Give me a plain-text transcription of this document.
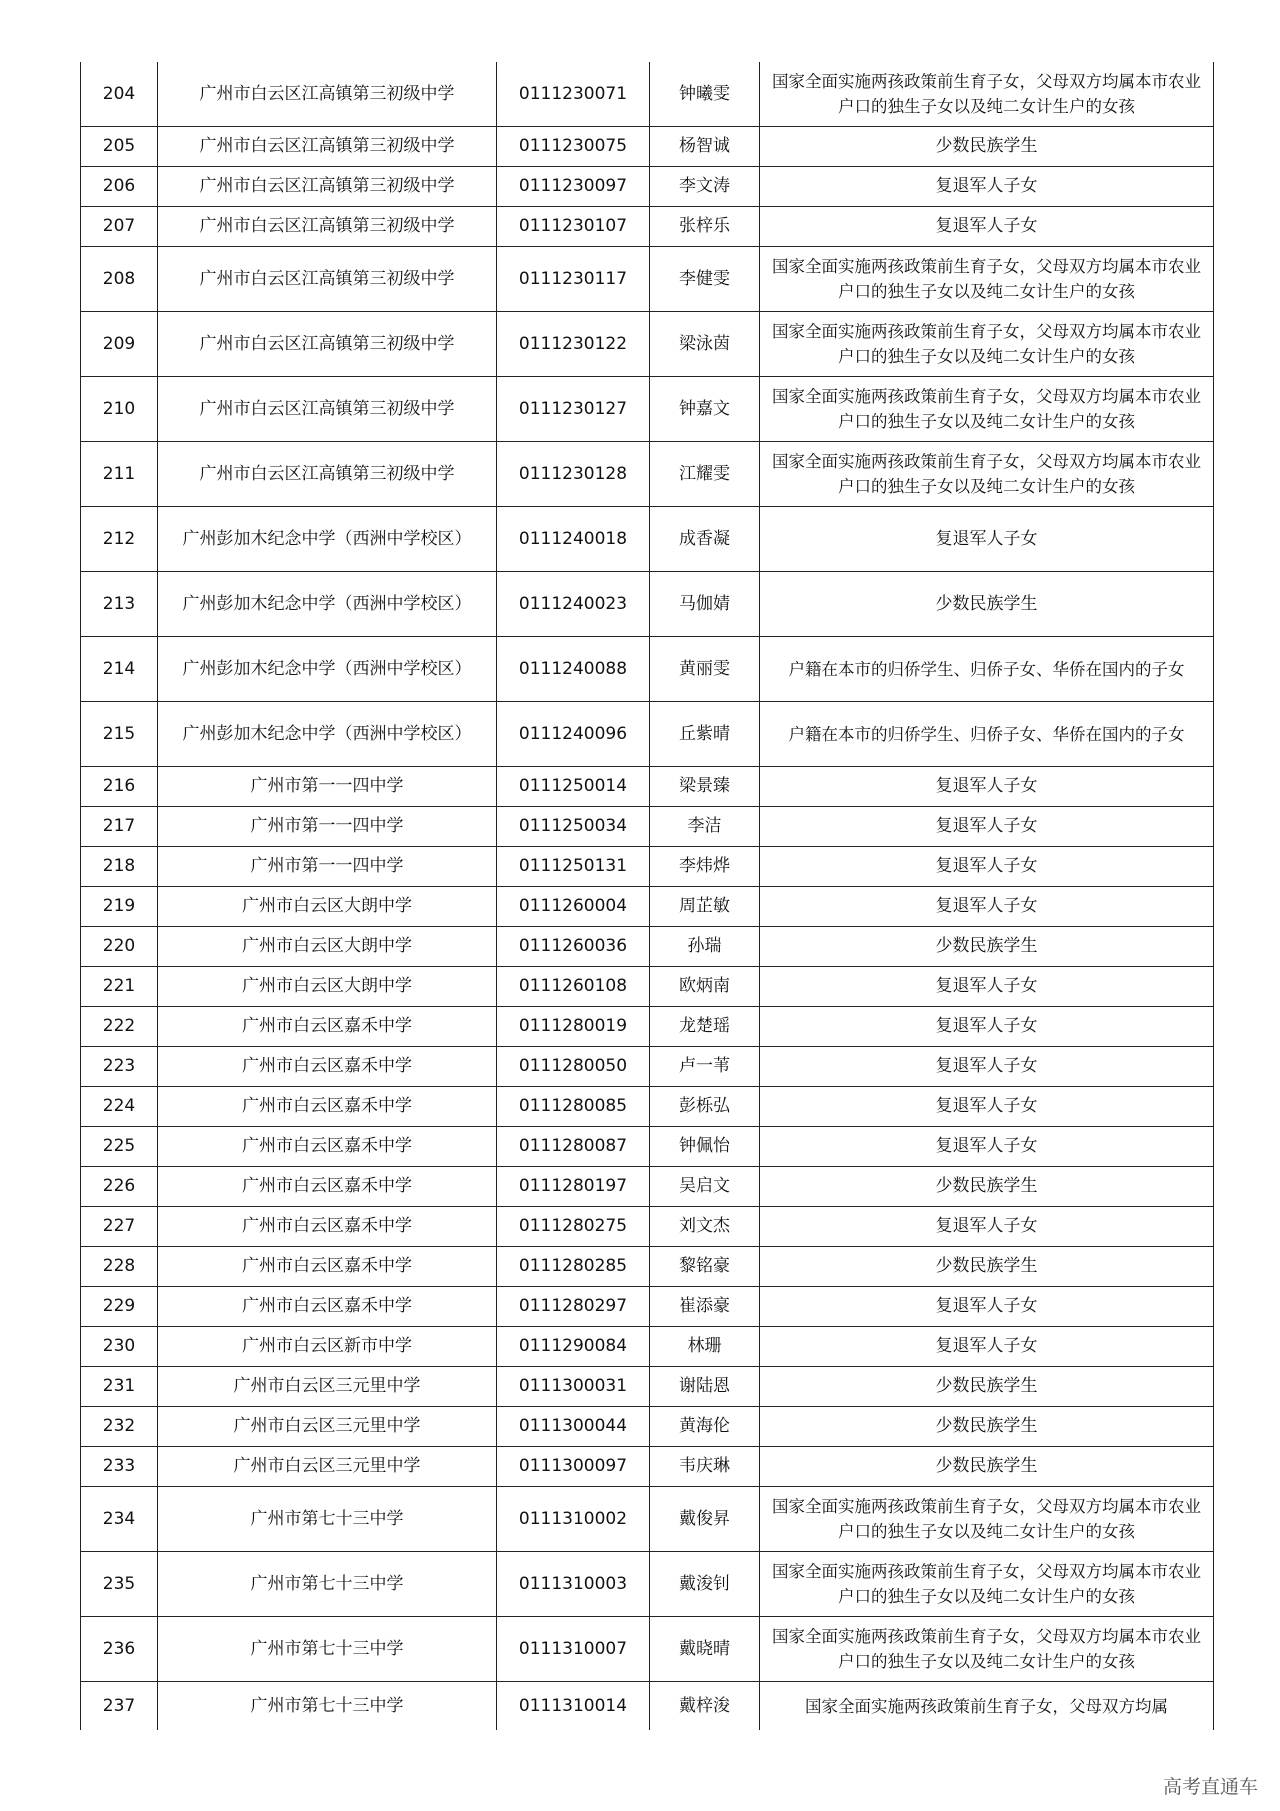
204	广州市白云区江高镇第三初级中学	0111230071	钟曦雯	国家全面实施两孩政策前生育子女，父母双方均属本市农业户口的独生子女以及纯二女计生户的女孩
205	广州市白云区江高镇第三初级中学	0111230075	杨智诚	少数民族学生
206	广州市白云区江高镇第三初级中学	0111230097	李文涛	复退军人子女
207	广州市白云区江高镇第三初级中学	0111230107	张梓乐	复退军人子女
208	广州市白云区江高镇第三初级中学	0111230117	李健雯	国家全面实施两孩政策前生育子女，父母双方均属本市农业户口的独生子女以及纯二女计生户的女孩
209	广州市白云区江高镇第三初级中学	0111230122	梁泳茵	国家全面实施两孩政策前生育子女，父母双方均属本市农业户口的独生子女以及纯二女计生户的女孩
210	广州市白云区江高镇第三初级中学	0111230127	钟嘉文	国家全面实施两孩政策前生育子女，父母双方均属本市农业户口的独生子女以及纯二女计生户的女孩
211	广州市白云区江高镇第三初级中学	0111230128	江耀雯	国家全面实施两孩政策前生育子女，父母双方均属本市农业户口的独生子女以及纯二女计生户的女孩
212	广州彭加木纪念中学（西洲中学校区）	0111240018	成香凝	复退军人子女
213	广州彭加木纪念中学（西洲中学校区）	0111240023	马伽婧	少数民族学生
214	广州彭加木纪念中学（西洲中学校区）	0111240088	黄丽雯	户籍在本市的归侨学生、归侨子女、华侨在国内的子女
215	广州彭加木纪念中学（西洲中学校区）	0111240096	丘紫晴	户籍在本市的归侨学生、归侨子女、华侨在国内的子女
216	广州市第一一四中学	0111250014	梁景臻	复退军人子女
217	广州市第一一四中学	0111250034	李洁	复退军人子女
218	广州市第一一四中学	0111250131	李炜烨	复退军人子女
219	广州市白云区大朗中学	0111260004	周芷敏	复退军人子女
220	广州市白云区大朗中学	0111260036	孙瑞	少数民族学生
221	广州市白云区大朗中学	0111260108	欧炳南	复退军人子女
222	广州市白云区嘉禾中学	0111280019	龙楚瑶	复退军人子女
223	广州市白云区嘉禾中学	0111280050	卢一苇	复退军人子女
224	广州市白云区嘉禾中学	0111280085	彭栎弘	复退军人子女
225	广州市白云区嘉禾中学	0111280087	钟佩怡	复退军人子女
226	广州市白云区嘉禾中学	0111280197	吴启文	少数民族学生
227	广州市白云区嘉禾中学	0111280275	刘文杰	复退军人子女
228	广州市白云区嘉禾中学	0111280285	黎铭豪	少数民族学生
229	广州市白云区嘉禾中学	0111280297	崔添豪	复退军人子女
230	广州市白云区新市中学	0111290084	林珊	复退军人子女
231	广州市白云区三元里中学	0111300031	谢陆恩	少数民族学生
232	广州市白云区三元里中学	0111300044	黄海伦	少数民族学生
233	广州市白云区三元里中学	0111300097	韦庆琳	少数民族学生
234	广州市第七十三中学	0111310002	戴俊昇	国家全面实施两孩政策前生育子女，父母双方均属本市农业户口的独生子女以及纯二女计生户的女孩
235	广州市第七十三中学	0111310003	戴浚钊	国家全面实施两孩政策前生育子女，父母双方均属本市农业户口的独生子女以及纯二女计生户的女孩
236	广州市第七十三中学	0111310007	戴晓晴	国家全面实施两孩政策前生育子女，父母双方均属本市农业户口的独生子女以及纯二女计生户的女孩
237	广州市第七十三中学	0111310014	戴梓浚	国家全面实施两孩政策前生育子女，父母双方均属
高考直通车
